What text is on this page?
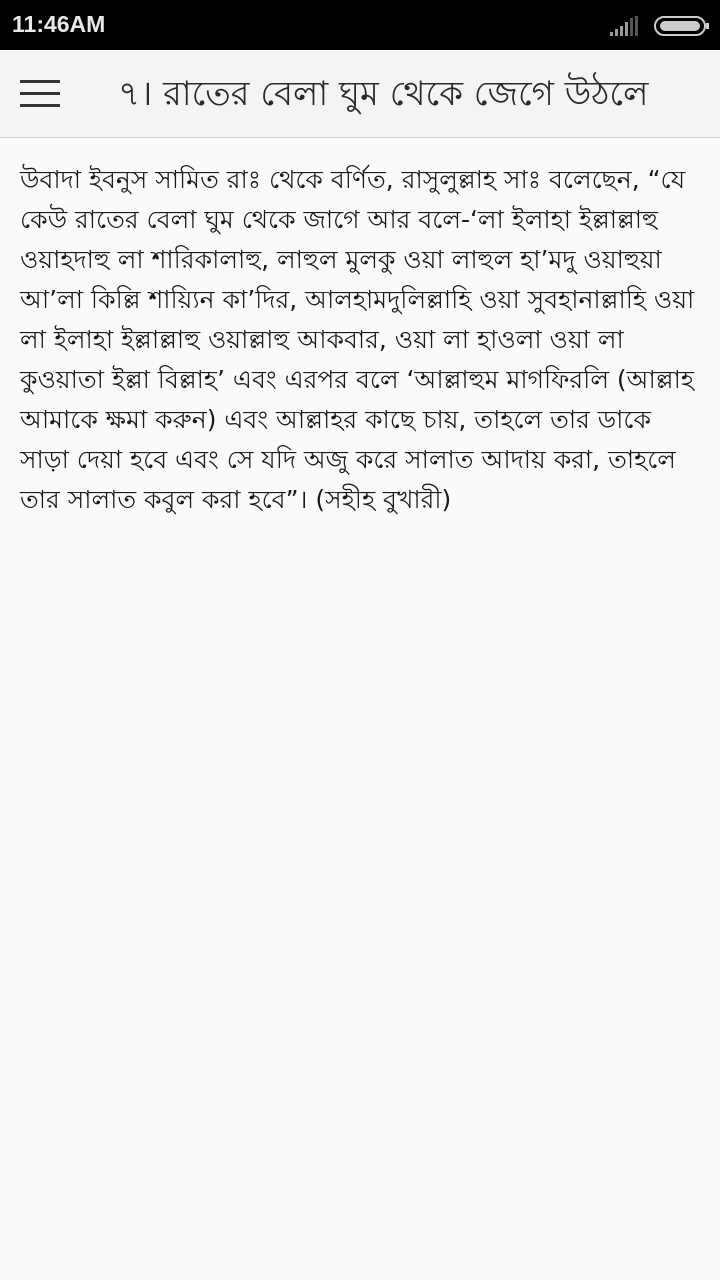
11:46AM
৭। রাতের বেলা ঘুম থেকে জেগে উঠলে
উবাদা ইবনুস সামিত রাঃ থেকে বর্ণিত, রাসুলুল্লাহ সাঃ বলেছেন, “যে কেউ রাতের বেলা ঘুম থেকে জাগে আর বলে-‘লা ইলাহা ইল্লাল্লাহু ওয়াহদাহু লা শারিকালাহু, লাহুল মুলকু ওয়া লাহুল হা’মদু ওয়াহুয়া আ’লা কিল্লি শায়্যিন কা’দির, আলহামদুলিল্লাহি ওয়া সুবহানাল্লাহি ওয়া লা ইলাহা ইল্লাল্লাহু ওয়াল্লাহু আকবার, ওয়া লা হাওলা ওয়া লা কুওয়াতা ইল্লা বিল্লাহ’ এবং এরপর বলে ‘আল্লাহুম মাগফিরলি (আল্লাহ আমাকে ক্ষমা করুন) এবং আল্লাহর কাছে চায়, তাহলে তার ডাকে সাড়া দেয়া হবে এবং সে যদি অজু করে সালাত আদায় করা, তাহলে তার সালাত কবুল করা হবে”। (সহীহ বুখারী)
